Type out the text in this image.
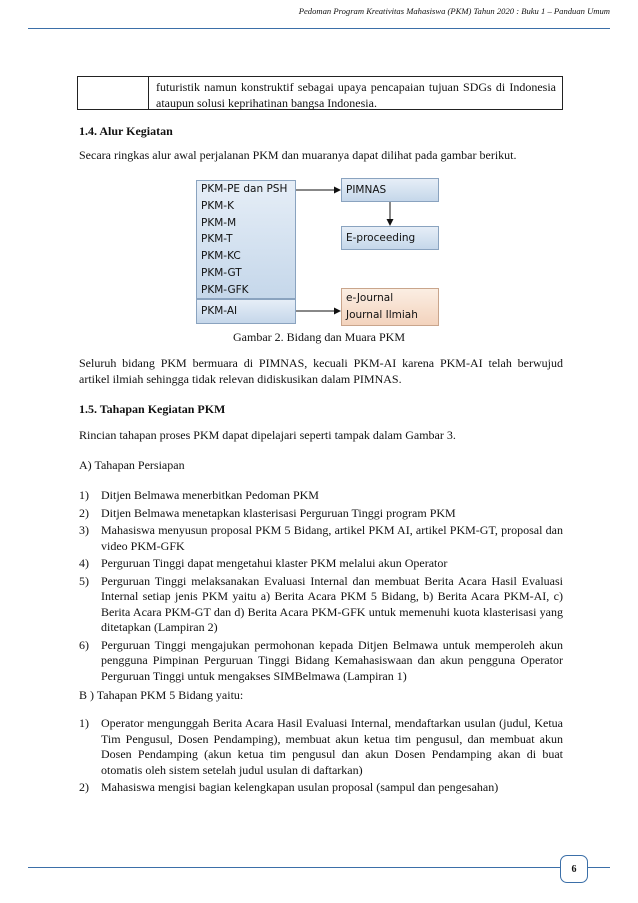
Pedoman Program Kreativitas Mahasiswa (PKM) Tahun 2020 : Buku 1 – Panduan Umum
futuristik namun konstruktif sebagai upaya pencapaian tujuan SDGs di Indonesia ataupun solusi keprihatinan bangsa Indonesia.
1.4. Alur Kegiatan
Secara ringkas alur awal perjalanan PKM dan muaranya dapat dilihat pada gambar berikut.
PKM-PE dan PSH
PKM-K
PKM-M
PKM-T
PKM-KC
PKM-GT
PKM-GFK
PKM-AI
PIMNAS
E-proceeding
e-Journal
Journal Ilmiah
Gambar 2. Bidang dan Muara PKM
Seluruh bidang PKM bermuara di PIMNAS, kecuali PKM-AI karena PKM-AI telah berwujud artikel ilmiah sehingga tidak relevan didiskusikan dalam PIMNAS.
1.5. Tahapan Kegiatan PKM
Rincian tahapan proses PKM dapat dipelajari seperti tampak dalam Gambar 3.
A) Tahapan Persiapan
1)	Ditjen Belmawa menerbitkan Pedoman PKM
2)	Ditjen Belmawa menetapkan klasterisasi Perguruan Tinggi program PKM
3)	Mahasiswa menyusun proposal PKM 5 Bidang, artikel PKM AI, artikel PKM-GT, proposal dan video PKM-GFK
4)	Perguruan Tinggi dapat mengetahui klaster PKM melalui akun Operator
5)	Perguruan Tinggi melaksanakan Evaluasi Internal dan membuat Berita Acara Hasil Evaluasi Internal setiap jenis PKM yaitu a) Berita Acara PKM 5 Bidang, b) Berita Acara PKM-AI, c) Berita Acara PKM-GT dan d) Berita Acara PKM-GFK untuk memenuhi kuota klasterisasi yang ditetapkan (Lampiran 2)
6)	Perguruan Tinggi mengajukan permohonan kepada Ditjen Belmawa untuk memperoleh akun pengguna Pimpinan Perguruan Tinggi Bidang Kemahasiswaan dan akun pengguna Operator Perguruan Tinggi untuk mengakses SIMBelmawa (Lampiran 1)
B ) Tahapan PKM 5 Bidang yaitu:
1)	Operator mengunggah Berita Acara Hasil Evaluasi Internal, mendaftarkan usulan (judul, Ketua Tim Pengusul, Dosen Pendamping), membuat akun ketua tim pengusul, dan membuat akun Dosen Pendamping (akun ketua tim pengusul dan akun Dosen Pendamping akan di buat otomatis oleh sistem setelah judul usulan di daftarkan)
2)	Mahasiswa mengisi bagian kelengkapan usulan proposal (sampul dan pengesahan)
6
